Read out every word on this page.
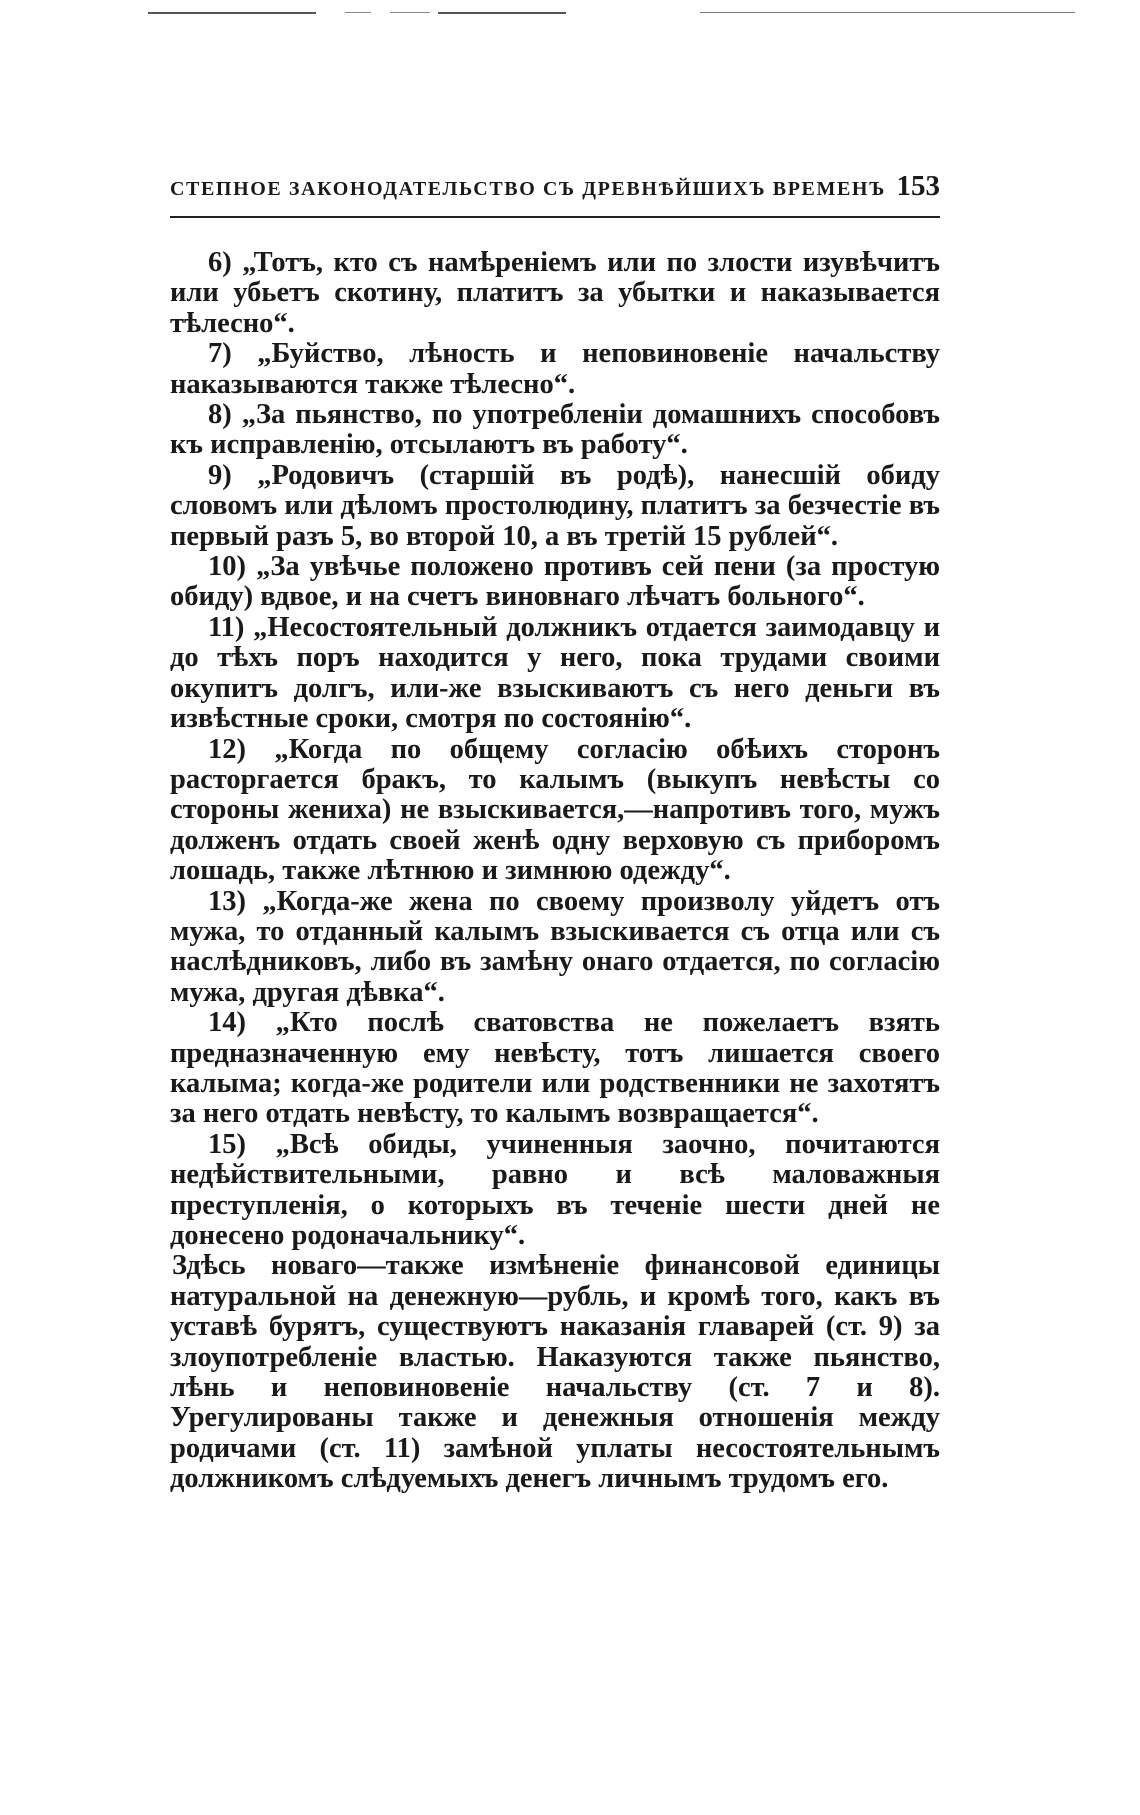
СТЕПНОЕ ЗАКОНОДАТЕЛЬСТВО СЪ ДРЕВНѢЙШИХЪ ВРЕМЕНЪ 153

6) „Тотъ, кто съ намѣреніемъ или по злости изувѣчитъ или убьетъ скотину, платитъ за убытки и наказывается тѣлесно“.

7) „Буйство, лѣность и неповиновеніе начальству наказываются также тѣлесно“.

8) „За пьянство, по употребленіи домашнихъ способовъ къ исправленію, отсылаютъ въ работу“.

9) „Родовичъ (старшій въ родѣ), нанесшій обиду словомъ или дѣломъ простолюдину, платитъ за безчестіе въ первый разъ 5, во второй 10, а въ третій 15 рублей“.

10) „За увѣчье положено противъ сей пени (за простую обиду) вдвое, и на счетъ виновнаго лѣчатъ больного“.

11) „Несостоятельный должникъ отдается заимодавцу и до тѣхъ поръ находится у него, пока трудами своими окупитъ долгъ, или-же взыскиваютъ съ него деньги въ извѣстные сроки, смотря по состоянію“.

12) „Когда по общему согласію обѣихъ сторонъ расторгается бракъ, то калымъ (выкупъ невѣсты со стороны жениха) не взыскивается,—напротивъ того, мужъ долженъ отдать своей женѣ одну верховую съ приборомъ лошадь, также лѣтнюю и зимнюю одежду“.

13) „Когда-же жена по своему произволу уйдетъ отъ мужа, то отданный калымъ взыскивается съ отца или съ наслѣдниковъ, либо въ замѣну онаго отдается, по согласію мужа, другая дѣвка“.

14) „Кто послѣ сватовства не пожелаетъ взять предназначенную ему невѣсту, тотъ лишается своего калыма; когда-же родители или родственники не захотятъ за него отдать невѣсту, то калымъ возвращается“.

15) „Всѣ обиды, учиненныя заочно, почитаются недѣйствительными, равно и всѣ маловажныя преступленія, о которыхъ въ теченіе шести дней не донесено родоначальнику“.

Здѣсь новаго—также измѣненіе финансовой единицы натуральной на денежную—рубль, и кромѣ того, какъ въ уставѣ бурятъ, существуютъ наказанія главарей (ст. 9) за злоупотребленіе властью. Наказуются также пьянство, лѣнь и неповиновеніе начальству (ст. 7 и 8). Урегулированы также и денежныя отношенія между родичами (ст. 11) замѣной уплаты несостоятельнымъ должникомъ слѣдуемыхъ денегъ личнымъ трудомъ его.
